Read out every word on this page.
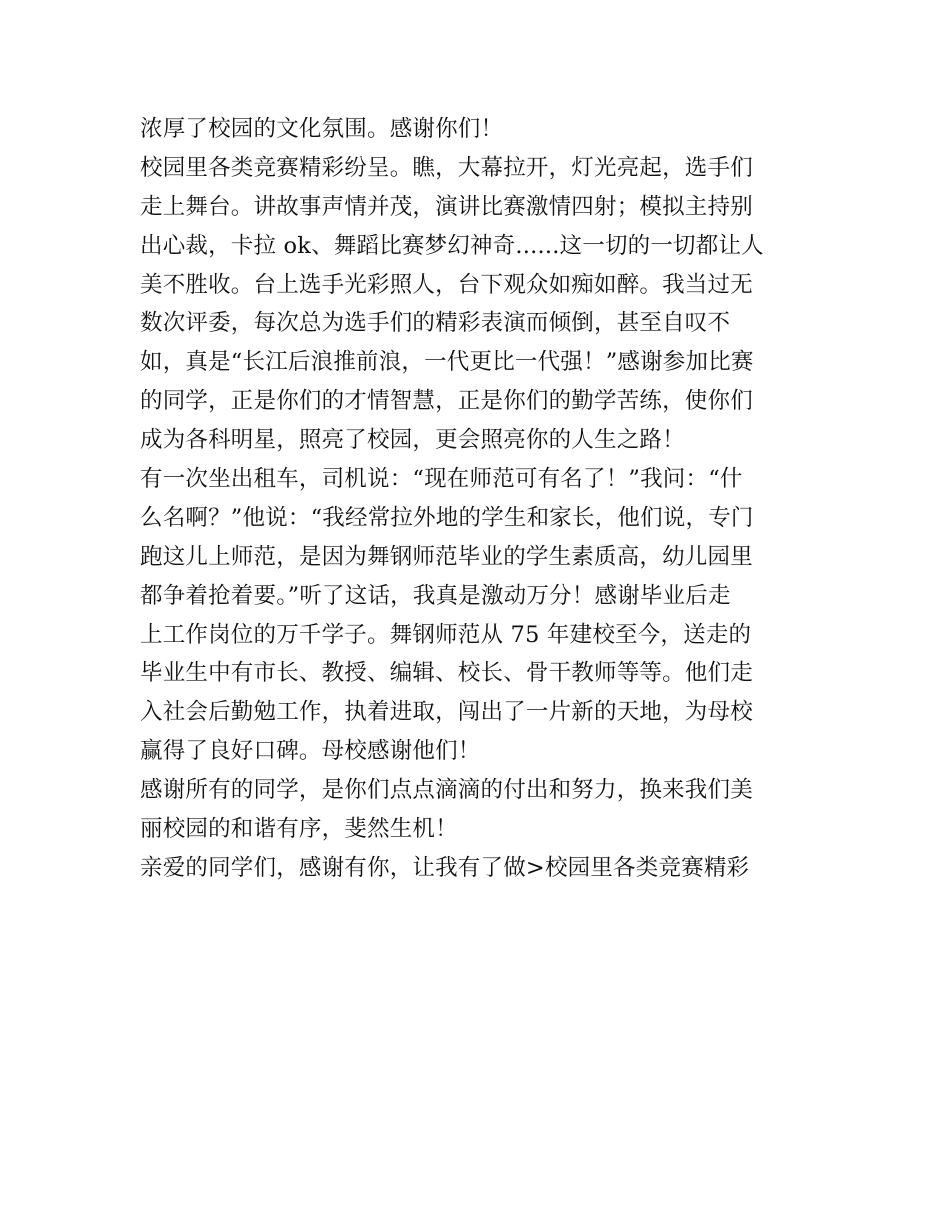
浓厚了校园的文化氛围。感谢你们！
校园里各类竞赛精彩纷呈。瞧，大幕拉开，灯光亮起，选手们
走上舞台。讲故事声情并茂，演讲比赛激情四射；模拟主持别
出心裁，卡拉 ok、舞蹈比赛梦幻神奇......这一切的一切都让人
美不胜收。台上选手光彩照人，台下观众如痴如醉。我当过无
数次评委，每次总为选手们的精彩表演而倾倒，甚至自叹不
如，真是“长江后浪推前浪，一代更比一代强！”感谢参加比赛
的同学，正是你们的才情智慧，正是你们的勤学苦练，使你们
成为各科明星，照亮了校园，更会照亮你的人生之路！
有一次坐出租车，司机说：“现在师范可有名了！”我问：“什
么名啊？”他说：“我经常拉外地的学生和家长，他们说，专门
跑这儿上师范，是因为舞钢师范毕业的学生素质高，幼儿园里
都争着抢着要。”听了这话，我真是激动万分！感谢毕业后走
上工作岗位的万千学子。舞钢师范从 75 年建校至今，送走的
毕业生中有市长、教授、编辑、校长、骨干教师等等。他们走
入社会后勤勉工作，执着进取，闯出了一片新的天地，为母校
赢得了良好口碑。母校感谢他们！
感谢所有的同学，是你们点点滴滴的付出和努力，换来我们美
丽校园的和谐有序，斐然生机！
亲爱的同学们，感谢有你，让我有了做>校园里各类竞赛精彩
